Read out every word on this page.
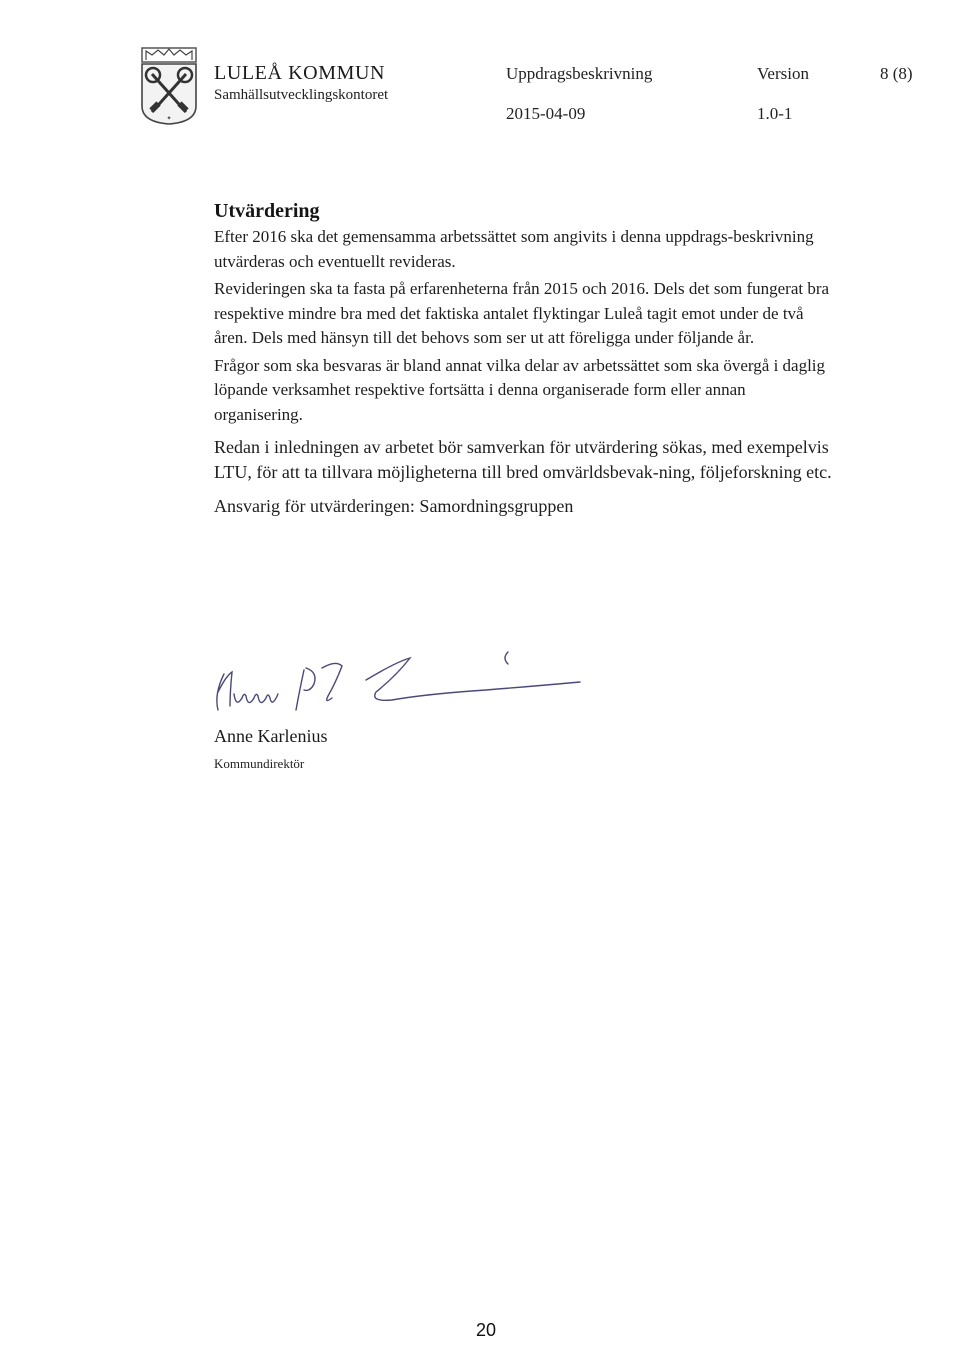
✦
LULEÅ KOMMUN
Samhällsutvecklingskontoret
Uppdragsbeskrivning
2015-04-09
Version
1.0-1
8 (8)
Utvärdering

Efter 2016 ska det gemensamma arbetssättet som angivits i denna uppdrags-beskrivning utvärderas och eventuellt revideras.

Revideringen ska ta fasta på erfarenheterna från 2015 och 2016. Dels det som fungerat bra respektive mindre bra med det faktiska antalet flyktingar Luleå tagit emot under de två åren. Dels med hänsyn till det behovs som ser ut att föreligga under följande år.

Frågor som ska besvaras är bland annat vilka delar av arbetssättet som ska övergå i daglig löpande verksamhet respektive fortsätta i denna organiserade form eller annan organisering.

Redan i inledningen av arbetet bör samverkan för utvärdering sökas, med exempelvis LTU, för att ta tillvara möjligheterna till bred omvärldsbevak-ning, följeforskning etc.

Ansvarig för utvärderingen: Samordningsgruppen

Anne Karlenius
Kommundirektör
20
